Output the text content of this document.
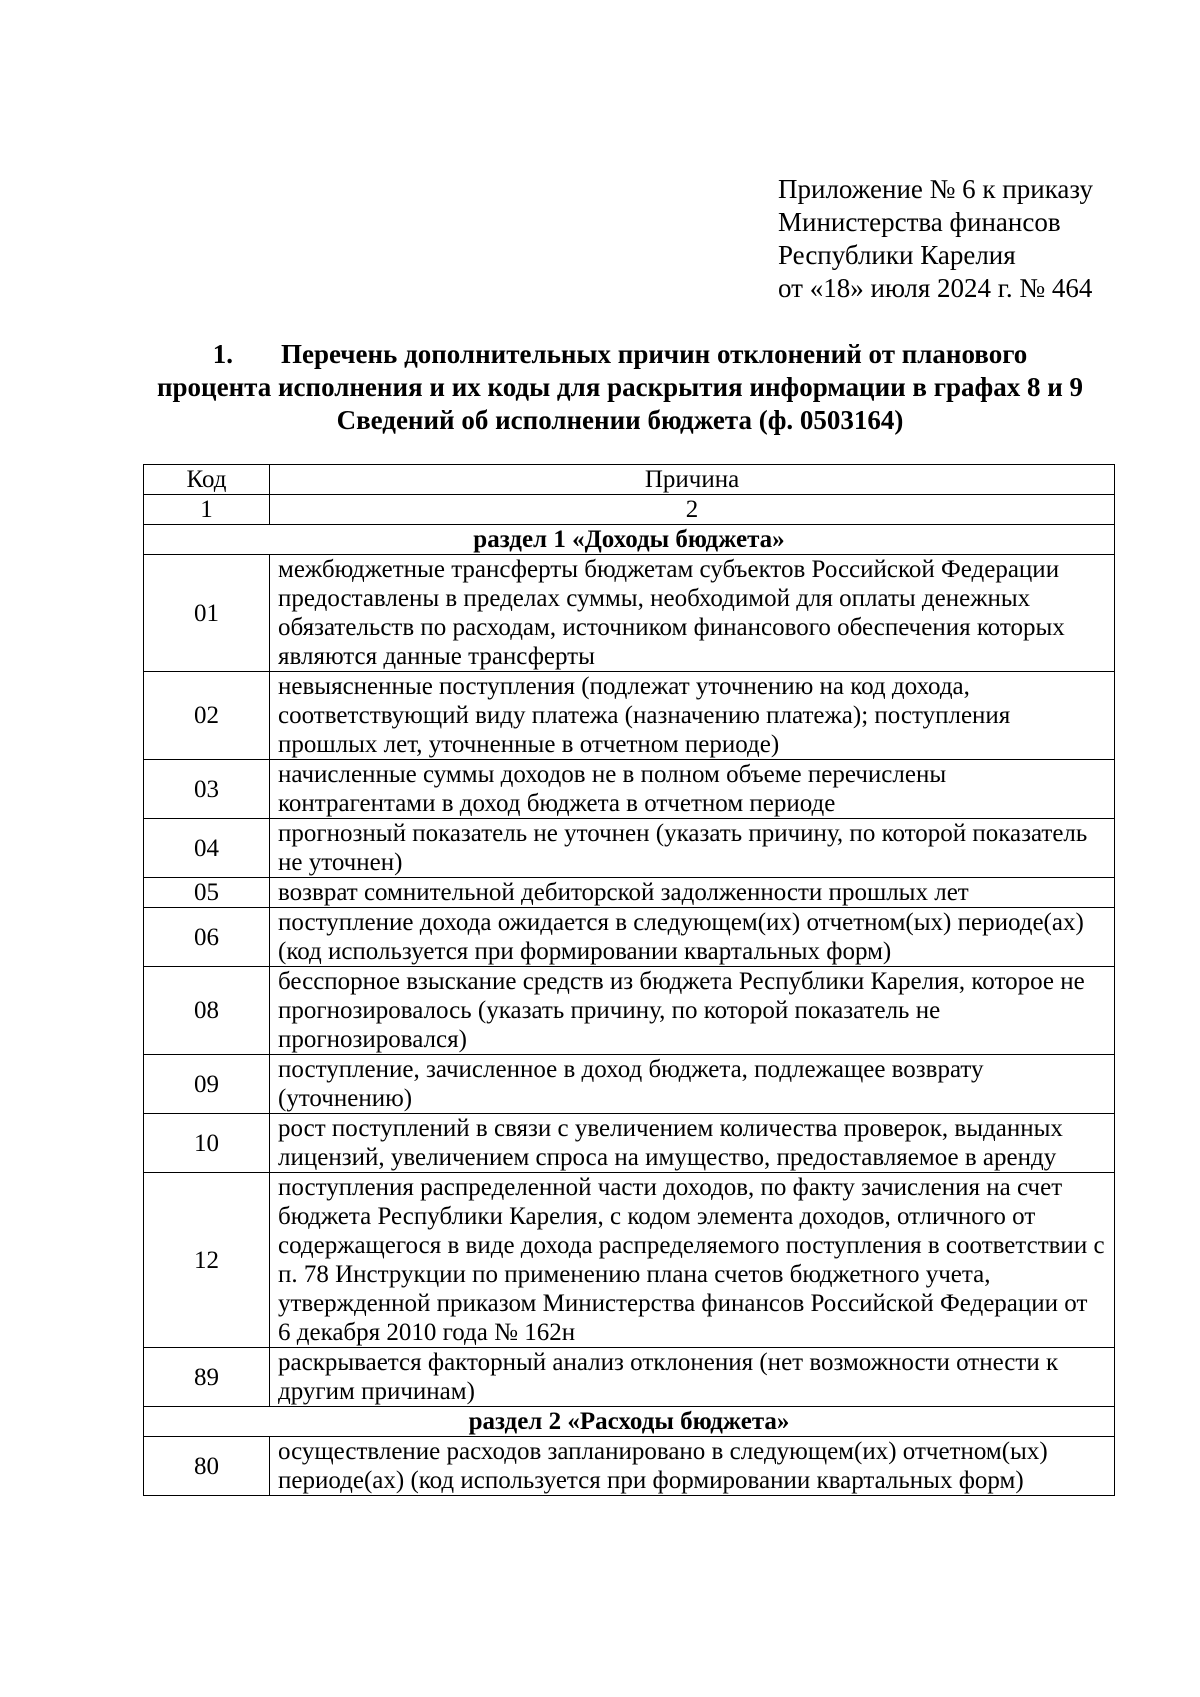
Приложение № 6 к приказу
Министерства финансов
Республики Карелия
от «18» июля 2024 г. № 464
1. Перечень дополнительных причин отклонений от планового
процента исполнения и их коды для раскрытия информации в графах 8 и 9
Сведений об исполнении бюджета (ф. 0503164)
Код	Причина
1	2
раздел 1 «Доходы бюджета»	
01	межбюджетные трансферты бюджетам субъектов Российской Федерации предоставлены в пределах суммы, необходимой для оплаты денежных обязательств по расходам, источником финансового обеспечения которых являются данные трансферты
02	невыясненные поступления (подлежат уточнению на код дохода, соответствующий виду платежа (назначению платежа); поступления прошлых лет, уточненные в отчетном периоде)
03	начисленные суммы доходов не в полном объеме перечислены контрагентами в доход бюджета в отчетном периоде
04	прогнозный показатель не уточнен (указать причину, по которой показатель не уточнен)
05	возврат сомнительной дебиторской задолженности прошлых лет
06	поступление дохода ожидается в следующем(их) отчетном(ых) периоде(ах) (код используется при формировании квартальных форм)
08	бесспорное взыскание средств из бюджета Республики Карелия, которое не прогнозировалось (указать причину, по которой показатель не прогнозировался)
09	поступление, зачисленное в доход бюджета, подлежащее возврату (уточнению)
10	рост поступлений в связи с увеличением количества проверок, выданных лицензий, увеличением спроса на имущество, предоставляемое в аренду
12	поступления распределенной части доходов, по факту зачисления на счет бюджета Республики Карелия, с кодом элемента доходов, отличного от содержащегося в виде дохода распределяемого поступления в соответствии с п. 78 Инструкции по применению плана счетов бюджетного учета, утвержденной приказом Министерства финансов Российской Федерации от 6 декабря 2010 года № 162н
89	раскрывается факторный анализ отклонения (нет возможности отнести к другим причинам)
раздел 2 «Расходы бюджета»	
80	осуществление расходов запланировано в следующем(их) отчетном(ых) периоде(ах) (код используется при формировании квартальных форм)
